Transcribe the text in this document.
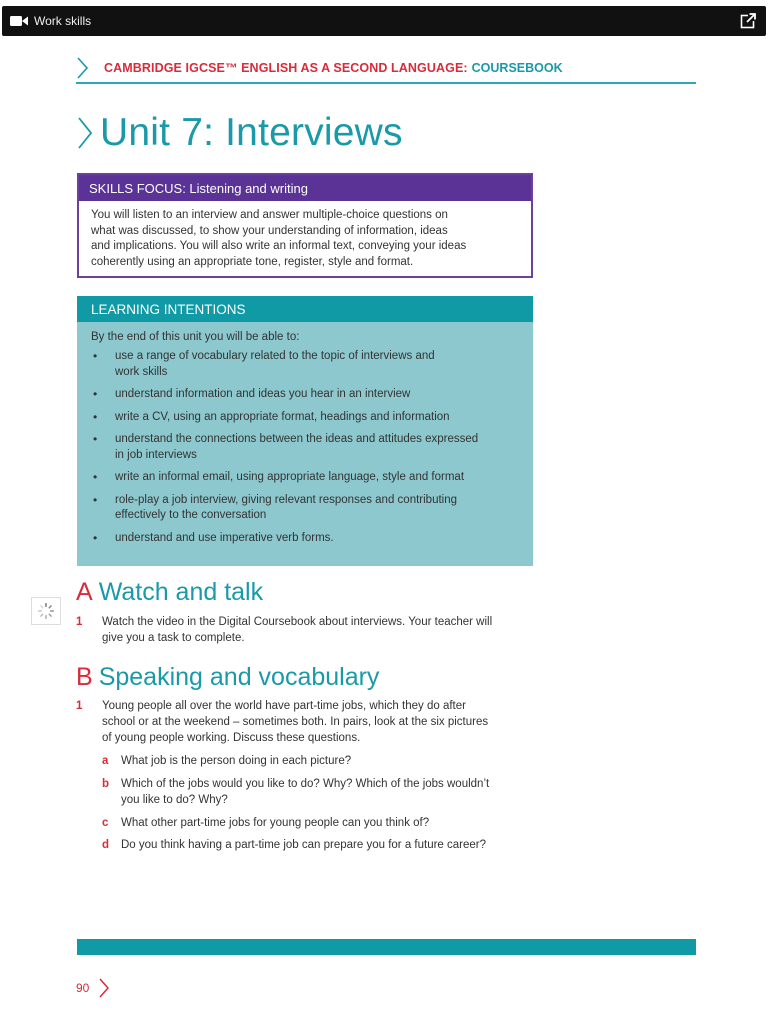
Work skills
CAMBRIDGE IGCSE™ ENGLISH AS A SECOND LANGUAGE: COURSEBOOK
Unit 7: Interviews
SKILLS FOCUS: Listening and writing
You will listen to an interview and answer multiple-choice questions on
what was discussed, to show your understanding of information, ideas
and implications. You will also write an informal text, conveying your ideas
coherently using an appropriate tone, register, style and format.
LEARNING INTENTIONS
By the end of this unit you will be able to:
• use a range of vocabulary related to the topic of interviews and
work skills
• understand information and ideas you hear in an interview
• write a CV, using an appropriate format, headings and information
• understand the connections between the ideas and attitudes expressed
in job interviews
• write an informal email, using appropriate language, style and format
• role-play a job interview, giving relevant responses and contributing
effectively to the conversation
• understand and use imperative verb forms.
A Watch and talk
1 Watch the video in the Digital Coursebook about interviews. Your teacher will
give you a task to complete.
B Speaking and vocabulary
1 Young people all over the world have part-time jobs, which they do after
school or at the weekend – sometimes both. In pairs, look at the six pictures
of young people working. Discuss these questions.
a What job is the person doing in each picture?
b Which of the jobs would you like to do? Why? Which of the jobs wouldn’t
you like to do? Why?
c What other part-time jobs for young people can you think of?
d Do you think having a part-time job can prepare you for a future career?
90
